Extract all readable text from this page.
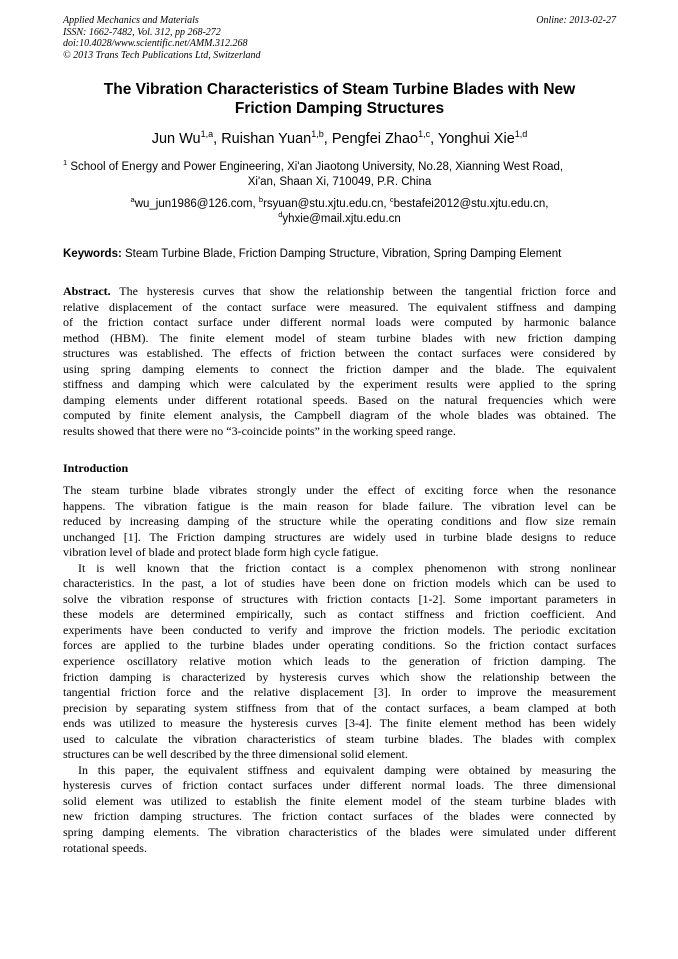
Applied Mechanics and Materials
ISSN: 1662-7482, Vol. 312, pp 268-272
doi:10.4028/www.scientific.net/AMM.312.268
© 2013 Trans Tech Publications Ltd, Switzerland
Online: 2013-02-27
The Vibration Characteristics of Steam Turbine Blades with New
Friction Damping Structures
Jun Wu$^{1,a}$, Ruishan Yuan$^{1,b}$, Pengfei Zhao$^{1,c}$, Yonghui Xie$^{1,d}$
$^1$ School of Energy and Power Engineering, Xi'an Jiaotong University, No.28, Xianning West Road,
Xi'an, Shaan Xi, 710049, P.R. China
$^a$wu_jun1986@126.com, $^b$rsyuan@stu.xjtu.edu.cn, $^c$bestafei2012@stu.xjtu.edu.cn,
$^d$yhxie@mail.xjtu.edu.cn
Keywords: Steam Turbine Blade, Friction Damping Structure, Vibration, Spring Damping Element
Abstract. The hysteresis curves that show the relationship between the tangential friction force and
relative displacement of the contact surface were measured. The equivalent stiffness and damping
of the friction contact surface under different normal loads were computed by harmonic balance
method (HBM). The finite element model of steam turbine blades with new friction damping
structures was established. The effects of friction between the contact surfaces were considered by
using spring damping elements to connect the friction damper and the blade. The equivalent
stiffness and damping which were calculated by the experiment results were applied to the spring
damping elements under different rotational speeds. Based on the natural frequencies which were
computed by finite element analysis, the Campbell diagram of the whole blades was obtained. The
results showed that there were no “3-coincide points” in the working speed range.
Introduction
The steam turbine blade vibrates strongly under the effect of exciting force when the resonance
happens. The vibration fatigue is the main reason for blade failure. The vibration level can be
reduced by increasing damping of the structure while the operating conditions and flow size remain
unchanged [1]. The Friction damping structures are widely used in turbine blade designs to reduce
vibration level of blade and protect blade form high cycle fatigue.
It is well known that the friction contact is a complex phenomenon with strong nonlinear
characteristics. In the past, a lot of studies have been done on friction models which can be used to
solve the vibration response of structures with friction contacts [1-2]. Some important parameters in
these models are determined empirically, such as contact stiffness and friction coefficient. And
experiments have been conducted to verify and improve the friction models. The periodic excitation
forces are applied to the turbine blades under operating conditions. So the friction contact surfaces
experience oscillatory relative motion which leads to the generation of friction damping. The
friction damping is characterized by hysteresis curves which show the relationship between the
tangential friction force and the relative displacement [3]. In order to improve the measurement
precision by separating system stiffness from that of the contact surfaces, a beam clamped at both
ends was utilized to measure the hysteresis curves [3-4]. The finite element method has been widely
used to calculate the vibration characteristics of steam turbine blades. The blades with complex
structures can be well described by the three dimensional solid element.
In this paper, the equivalent stiffness and equivalent damping were obtained by measuring the
hysteresis curves of friction contact surfaces under different normal loads. The three dimensional
solid element was utilized to establish the finite element model of the steam turbine blades with
new friction damping structures. The friction contact surfaces of the blades were connected by
spring damping elements. The vibration characteristics of the blades were simulated under different
rotational speeds.
